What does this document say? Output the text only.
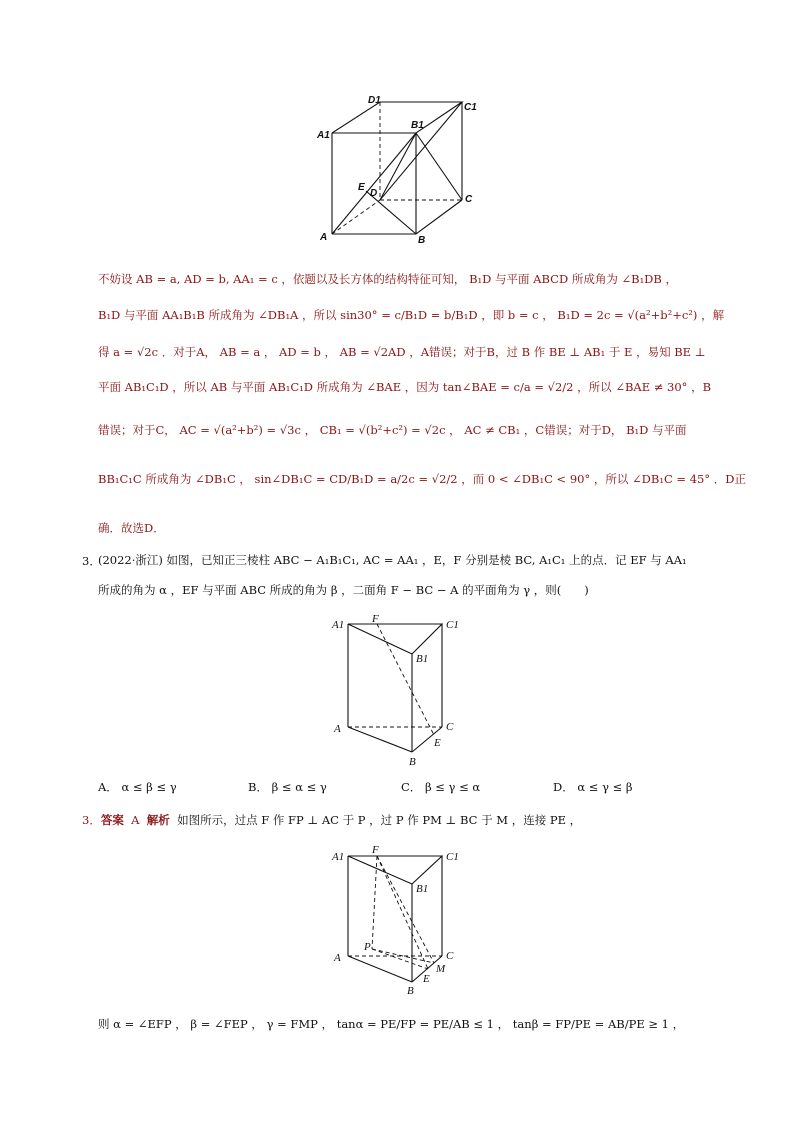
D1
C1
A1
B1
E
D
C
A	B
不妨设 AB = a, AD = b, AA₁ = c ，依题以及长方体的结构特征可知， B₁D 与平面 ABCD 所成角为 ∠B₁DB ，
B₁D 与平面 AA₁B₁B 所成角为 ∠DB₁A ，所以 sin30° = c/B₁D = b/B₁D ，即 b = c ， B₁D = 2c = √(a²+b²+c²) ，解
得 a = √2c ．对于A， AB = a ， AD = b ， AB = √2AD ，A错误；对于B，过 B 作 BE ⊥ AB₁ 于 E ，易知 BE ⊥
平面 AB₁C₁D ，所以 AB 与平面 AB₁C₁D 所成角为 ∠BAE ，因为 tan∠BAE = c/a = √2/2 ，所以 ∠BAE ≠ 30° ，B
错误；对于C， AC = √(a²+b²) = √3c ， CB₁ = √(b²+c²) = √2c ， AC ≠ CB₁ ，C错误；对于D， B₁D 与平面
BB₁C₁C 所成角为 ∠DB₁C ， sin∠DB₁C = CD/B₁D = a/2c = √2/2 ，而 0 < ∠DB₁C < 90° ，所以 ∠DB₁C = 45° ．D正
确．故选D．
3．
(2022·浙江) 如图，已知正三棱柱 ABC − A₁B₁C₁, AC = AA₁ ，E，F 分别是棱 BC, A₁C₁ 上的点．记 EF 与 AA₁
所成的角为 α ，EF 与平面 ABC 所成的角为 β ，二面角 F − BC − A 的平面角为 γ ，则(　　)
A1	F	C1
B1
A	C
E
B
A． α ≤ β ≤ γ	B． β ≤ α ≤ γ	C． β ≤ γ ≤ α	D． α ≤ γ ≤ β
3．答案 A 解析 如图所示，过点 F 作 FP ⊥ AC 于 P ，过 P 作 PM ⊥ BC 于 M ，连接 PE ，
A1
F
C1
B1
P
A	C
M
E
B
则 α = ∠EFP ， β = ∠FEP ， γ = FMP ， tanα = PE/FP = PE/AB ≤ 1 ， tanβ = FP/PE = AB/PE ≥ 1 ，
